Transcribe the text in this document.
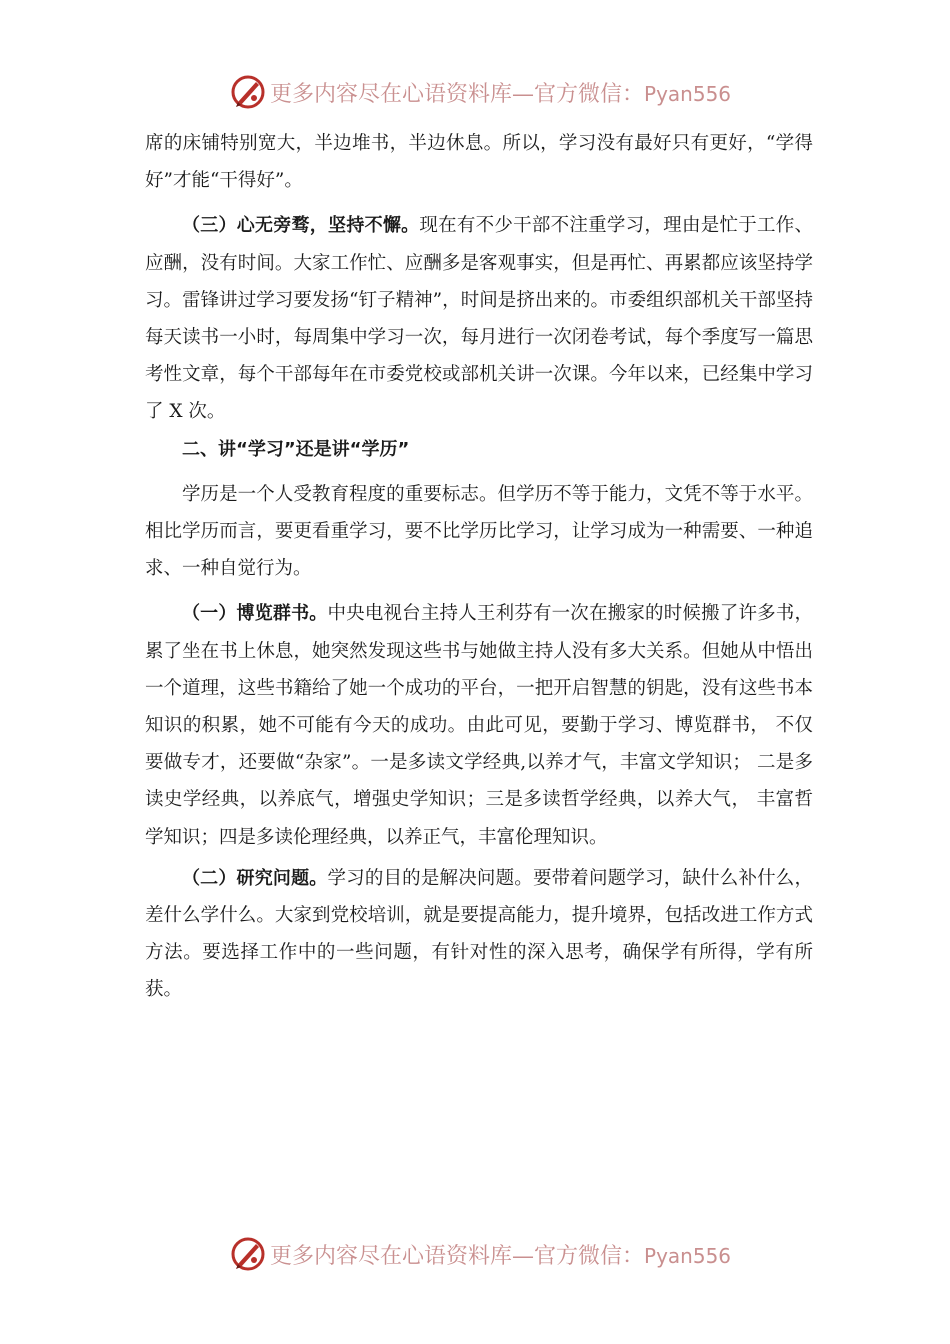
更多内容尽在心语资料库—官方微信：Pyan556

席的床铺特别宽大，半边堆书，半边休息。所以，学习没有最好只有更好，“学得好”才能“干得好”。

（三）心无旁骛，坚持不懈。现在有不少干部不注重学习，理由是忙于工作、应酬，没有时间。大家工作忙、应酬多是客观事实，但是再忙、再累都应该坚持学习。雷锋讲过学习要发扬“钉子精神”，时间是挤出来的。市委组织部机关干部坚持每天读书一小时，每周集中学习一次，每月进行一次闭卷考试，每个季度写一篇思考性文章，每个干部每年在市委党校或部机关讲一次课。今年以来，已经集中学习了 X 次。

二、讲“学习”还是讲“学历”

学历是一个人受教育程度的重要标志。但学历不等于能力，文凭不等于水平。相比学历而言，要更看重学习，要不比学历比学习，让学习成为一种需要、一种追求、一种自觉行为。

（一）博览群书。中央电视台主持人王利芬有一次在搬家的时候搬了许多书，累了坐在书上休息，她突然发现这些书与她做主持人没有多大关系。但她从中悟出一个道理，这些书籍给了她一个成功的平台，一把开启智慧的钥匙，没有这些书本知识的积累，她不可能有今天的成功。由此可见，要勤于学习、博览群书， 不仅要做专才，还要做“杂家”。一是多读文学经典,以养才气，丰富文学知识； 二是多读史学经典，以养底气，增强史学知识；三是多读哲学经典，以养大气， 丰富哲学知识；四是多读伦理经典，以养正气，丰富伦理知识。

（二）研究问题。学习的目的是解决问题。要带着问题学习，缺什么补什么，差什么学什么。大家到党校培训，就是要提高能力，提升境界，包括改进工作方式方法。要选择工作中的一些问题，有针对性的深入思考，确保学有所得，学有所获。

更多内容尽在心语资料库—官方微信：Pyan556
